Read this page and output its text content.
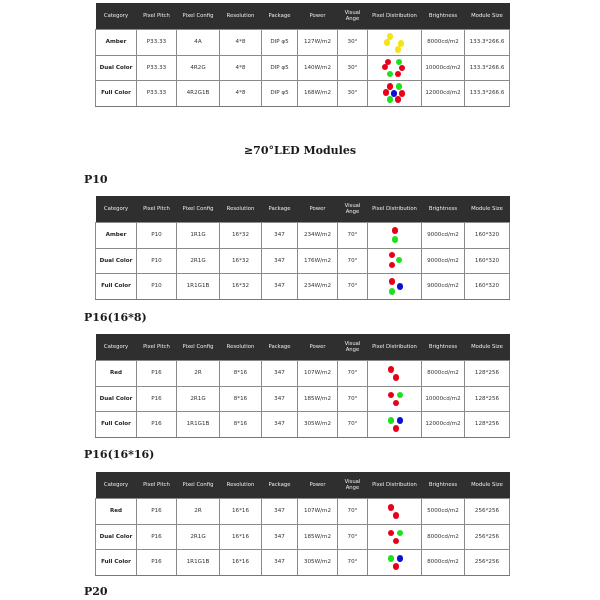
Category	Pixel Pitch	Pixel Config	Resolution	Package	Power	Visual Ange	Pixel Distribution	Brightness	Module Size
Amber	P33.33	4A	4*8	DIP φ5	127W/m2	30°		8000cd/m2	133.3*266.6
Dual Color	P33.33	4R2G	4*8	DIP φ5	140W/m2	30°		10000cd/m2	133.3*266.6
Full Color	P33.33	4R2G1B	4*8	DIP φ5	168W/m2	30°		12000cd/m2	133.3*266.6
≥70°LED Modules
P10
Category	Pixel Pitch	Pixel Config	Resolution	Package	Power	Visual Ange	Pixel Distribution	Brightness	Module Size
Amber	P10	1R1G	16*32	347	234W/m2	70°		9000cd/m2	160*320
Dual Color	P10	2R1G	16*32	347	176W/m2	70°		9000cd/m2	160*320
Full Color	P10	1R1G1B	16*32	347	234W/m2	70°		9000cd/m2	160*320
P16(16*8)
Category	Pixel Pitch	Pixel Config	Resolution	Package	Power	Visual Ange	Pixel Distribution	Brightness	Module Size
Red	P16	2R	8*16	347	107W/m2	70°		8000cd/m2	128*256
Dual Color	P16	2R1G	8*16	347	185W/m2	70°		10000cd/m2	128*256
Full Color	P16	1R1G1B	8*16	347	305W/m2	70°		12000cd/m2	128*256
P16(16*16)
Category	Pixel Pitch	Pixel Config	Resolution	Package	Power	Visual Ange	Pixel Distribution	Brightness	Module Size
Red	P16	2R	16*16	347	107W/m2	70°		5000cd/m2	256*256
Dual Color	P16	2R1G	16*16	347	185W/m2	70°		8000cd/m2	256*256
Full Color	P16	1R1G1B	16*16	347	305W/m2	70°		8000cd/m2	256*256
P20
